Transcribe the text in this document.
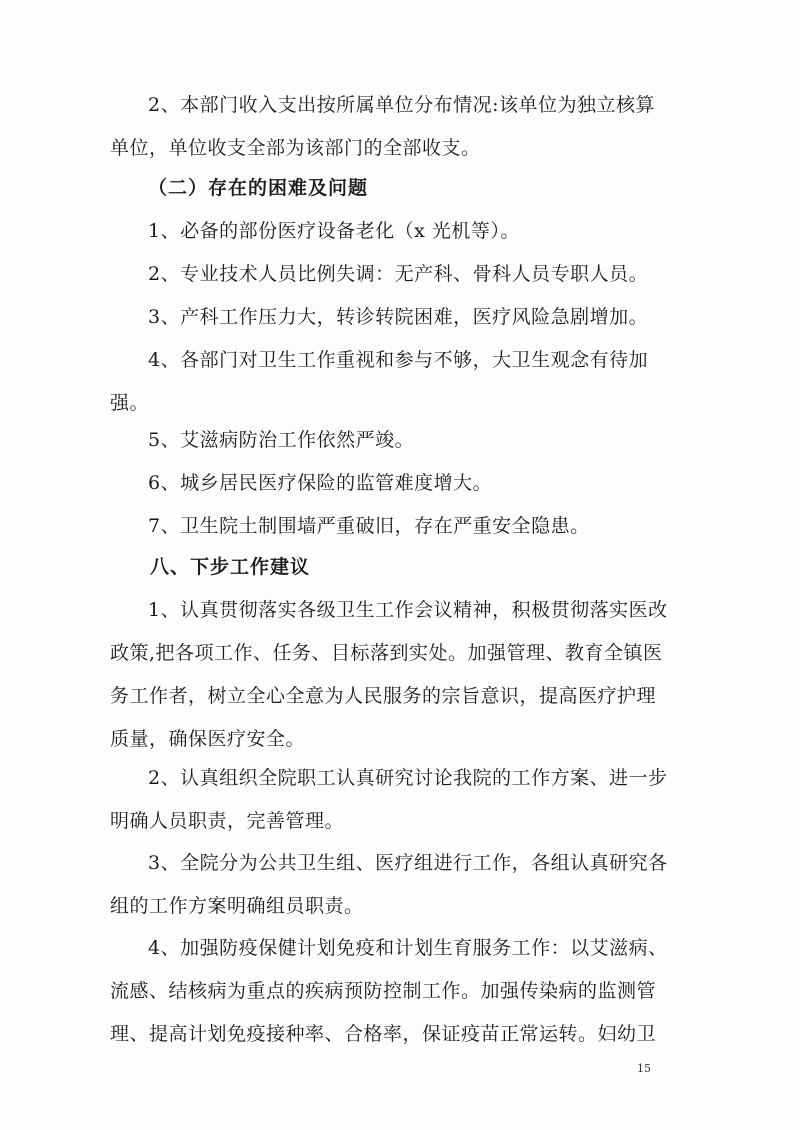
2、本部门收入支出按所属单位分布情况:该单位为独立核算单位，单位收支全部为该部门的全部收支。

（二）存在的困难及问题

1、必备的部份医疗设备老化（x 光机等）。

2、专业技术人员比例失调：无产科、骨科人员专职人员。

3、产科工作压力大，转诊转院困难，医疗风险急剧增加。

4、各部门对卫生工作重视和参与不够，大卫生观念有待加强。

5、艾滋病防治工作依然严竣。

6、城乡居民医疗保险的监管难度增大。

7、卫生院土制围墙严重破旧，存在严重安全隐患。

八、下步工作建议

1、认真贯彻落实各级卫生工作会议精神，积极贯彻落实医改政策,把各项工作、任务、目标落到实处。加强管理、教育全镇医务工作者，树立全心全意为人民服务的宗旨意识，提高医疗护理质量，确保医疗安全。

2、认真组织全院职工认真研究讨论我院的工作方案、进一步明确人员职责，完善管理。

3、全院分为公共卫生组、医疗组进行工作，各组认真研究各组的工作方案明确组员职责。

4、加强防疫保健计划免疫和计划生育服务工作：以艾滋病、流感、结核病为重点的疾病预防控制工作。加强传染病的监测管理、提高计划免疫接种率、合格率，保证疫苗正常运转。妇幼卫

15
